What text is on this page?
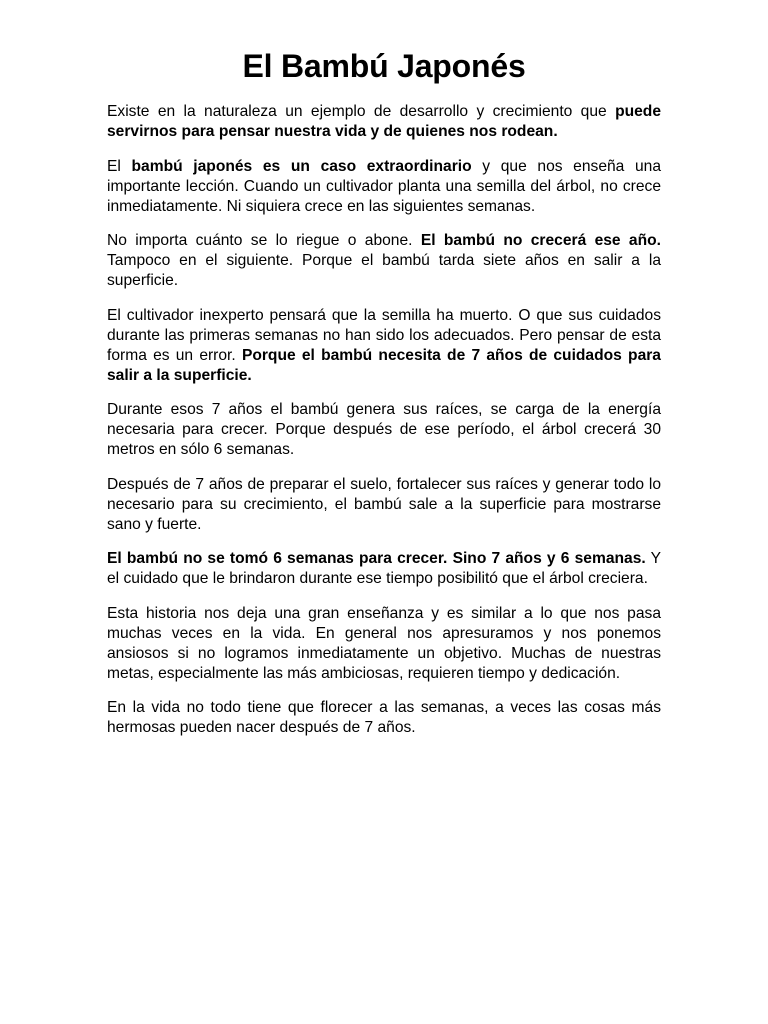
El Bambú Japonés

Existe en la naturaleza un ejemplo de desarrollo y crecimiento que puede servirnos para pensar nuestra vida y de quienes nos rodean.

El bambú japonés es un caso extraordinario y que nos enseña una importante lección. Cuando un cultivador planta una semilla del árbol, no crece inmediatamente. Ni siquiera crece en las siguientes semanas.

No importa cuánto se lo riegue o abone. El bambú no crecerá ese año. Tampoco en el siguiente. Porque el bambú tarda siete años en salir a la superficie.

El cultivador inexperto pensará que la semilla ha muerto. O que sus cuidados durante las primeras semanas no han sido los adecuados. Pero pensar de esta forma es un error. Porque el bambú necesita de 7 años de cuidados para salir a la superficie.

Durante esos 7 años el bambú genera sus raíces, se carga de la energía necesaria para crecer. Porque después de ese período, el árbol crecerá 30 metros en sólo 6 semanas.

Después de 7 años de preparar el suelo, fortalecer sus raíces y generar todo lo necesario para su crecimiento, el bambú sale a la superficie para mostrarse sano y fuerte.

El bambú no se tomó 6 semanas para crecer. Sino 7 años y 6 semanas. Y el cuidado que le brindaron durante ese tiempo posibilitó que el árbol creciera.

Esta historia nos deja una gran enseñanza y es similar a lo que nos pasa muchas veces en la vida. En general nos apresuramos y nos ponemos ansiosos si no logramos inmediatamente un objetivo. Muchas de nuestras metas, especialmente las más ambiciosas, requieren tiempo y dedicación.

En la vida no todo tiene que florecer a las semanas, a veces las cosas más hermosas pueden nacer después de 7 años.
